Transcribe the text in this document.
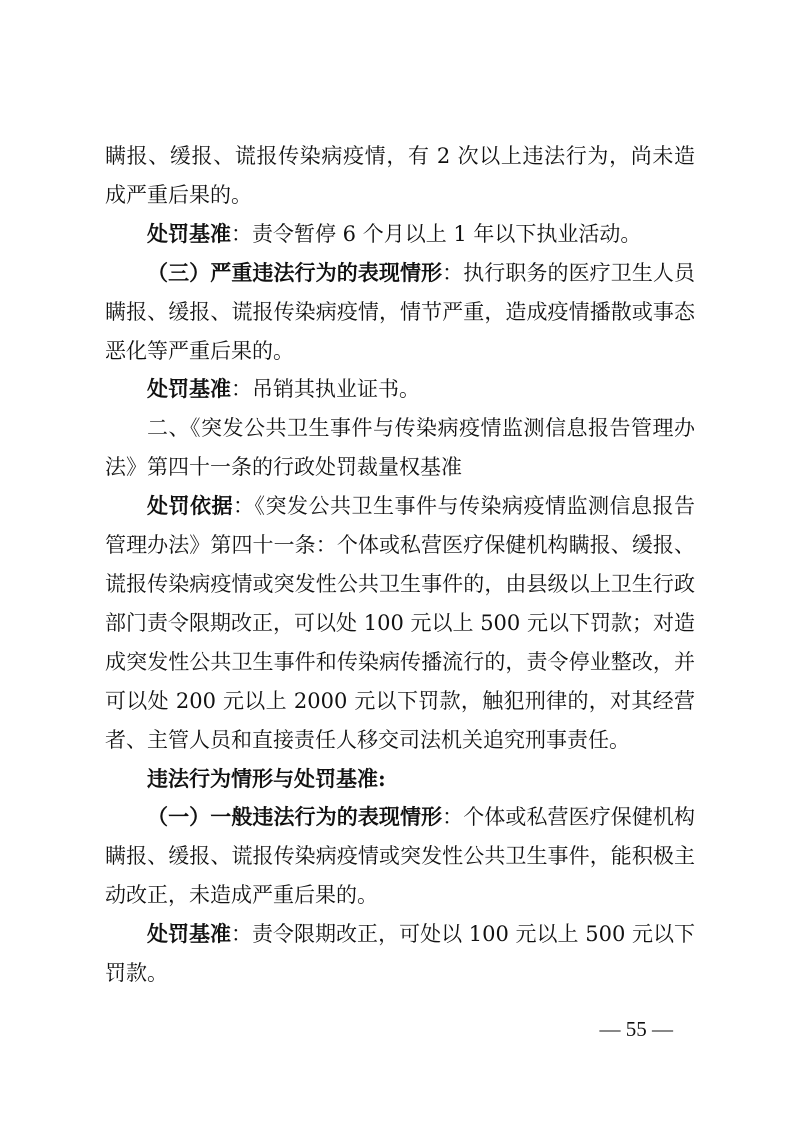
瞒报、缓报、谎报传染病疫情，有 2 次以上违法行为，尚未造成严重后果的。

处罚基准：责令暂停 6 个月以上 1 年以下执业活动。

（三）严重违法行为的表现情形：执行职务的医疗卫生人员瞒报、缓报、谎报传染病疫情，情节严重，造成疫情播散或事态恶化等严重后果的。

处罚基准：吊销其执业证书。

二、《突发公共卫生事件与传染病疫情监测信息报告管理办法》第四十一条的行政处罚裁量权基准

处罚依据：《突发公共卫生事件与传染病疫情监测信息报告管理办法》第四十一条：个体或私营医疗保健机构瞒报、缓报、谎报传染病疫情或突发性公共卫生事件的，由县级以上卫生行政部门责令限期改正，可以处 100 元以上 500 元以下罚款；对造成突发性公共卫生事件和传染病传播流行的，责令停业整改，并可以处 200 元以上 2000 元以下罚款，触犯刑律的，对其经营者、主管人员和直接责任人移交司法机关追究刑事责任。

违法行为情形与处罚基准:

（一）一般违法行为的表现情形：个体或私营医疗保健机构瞒报、缓报、谎报传染病疫情或突发性公共卫生事件，能积极主动改正，未造成严重后果的。

处罚基准：责令限期改正，可处以 100 元以上 500 元以下罚款。

— 55 —
